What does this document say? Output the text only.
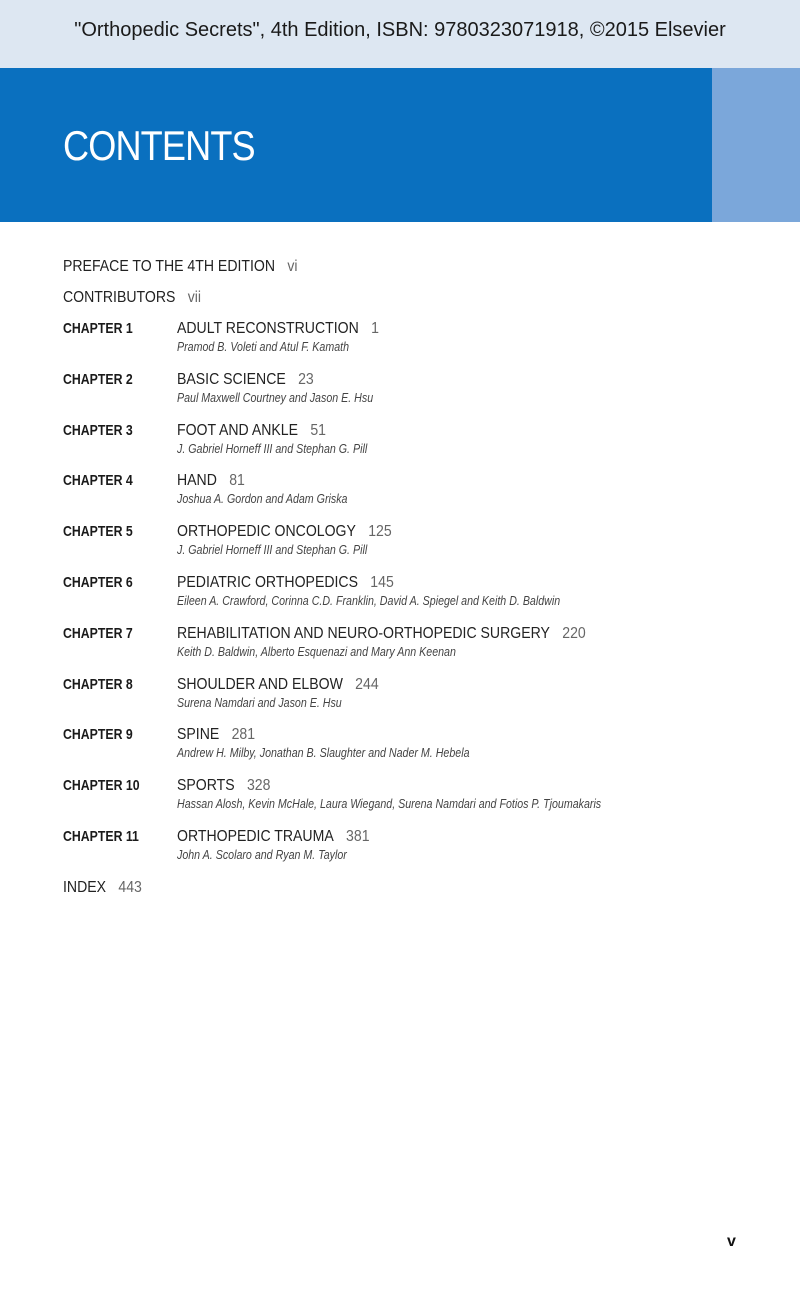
"Orthopedic Secrets", 4th Edition, ISBN: 9780323071918, ©2015 Elsevier
CONTENTS
PREFACE TO THE 4TH EDITION vi
CONTRIBUTORS vii
CHAPTER 1	ADULT RECONSTRUCTION 1
Pramod B. Voleti and Atul F. Kamath
CHAPTER 2	BASIC SCIENCE 23
Paul Maxwell Courtney and Jason E. Hsu
CHAPTER 3	FOOT AND ANKLE 51
J. Gabriel Horneff III and Stephan G. Pill
CHAPTER 4	HAND 81
Joshua A. Gordon and Adam Griska
CHAPTER 5	ORTHOPEDIC ONCOLOGY 125
J. Gabriel Horneff III and Stephan G. Pill
CHAPTER 6	PEDIATRIC ORTHOPEDICS 145
Eileen A. Crawford, Corinna C.D. Franklin, David A. Spiegel and Keith D. Baldwin
CHAPTER 7	REHABILITATION AND NEURO-ORTHOPEDIC SURGERY 220
Keith D. Baldwin, Alberto Esquenazi and Mary Ann Keenan
CHAPTER 8	SHOULDER AND ELBOW 244
Surena Namdari and Jason E. Hsu
CHAPTER 9	SPINE 281
Andrew H. Milby, Jonathan B. Slaughter and Nader M. Hebela
CHAPTER 10	SPORTS 328
Hassan Alosh, Kevin McHale, Laura Wiegand, Surena Namdari and Fotios P. Tjoumakaris
CHAPTER 11	ORTHOPEDIC TRAUMA 381
John A. Scolaro and Ryan M. Taylor
INDEX 443
v
